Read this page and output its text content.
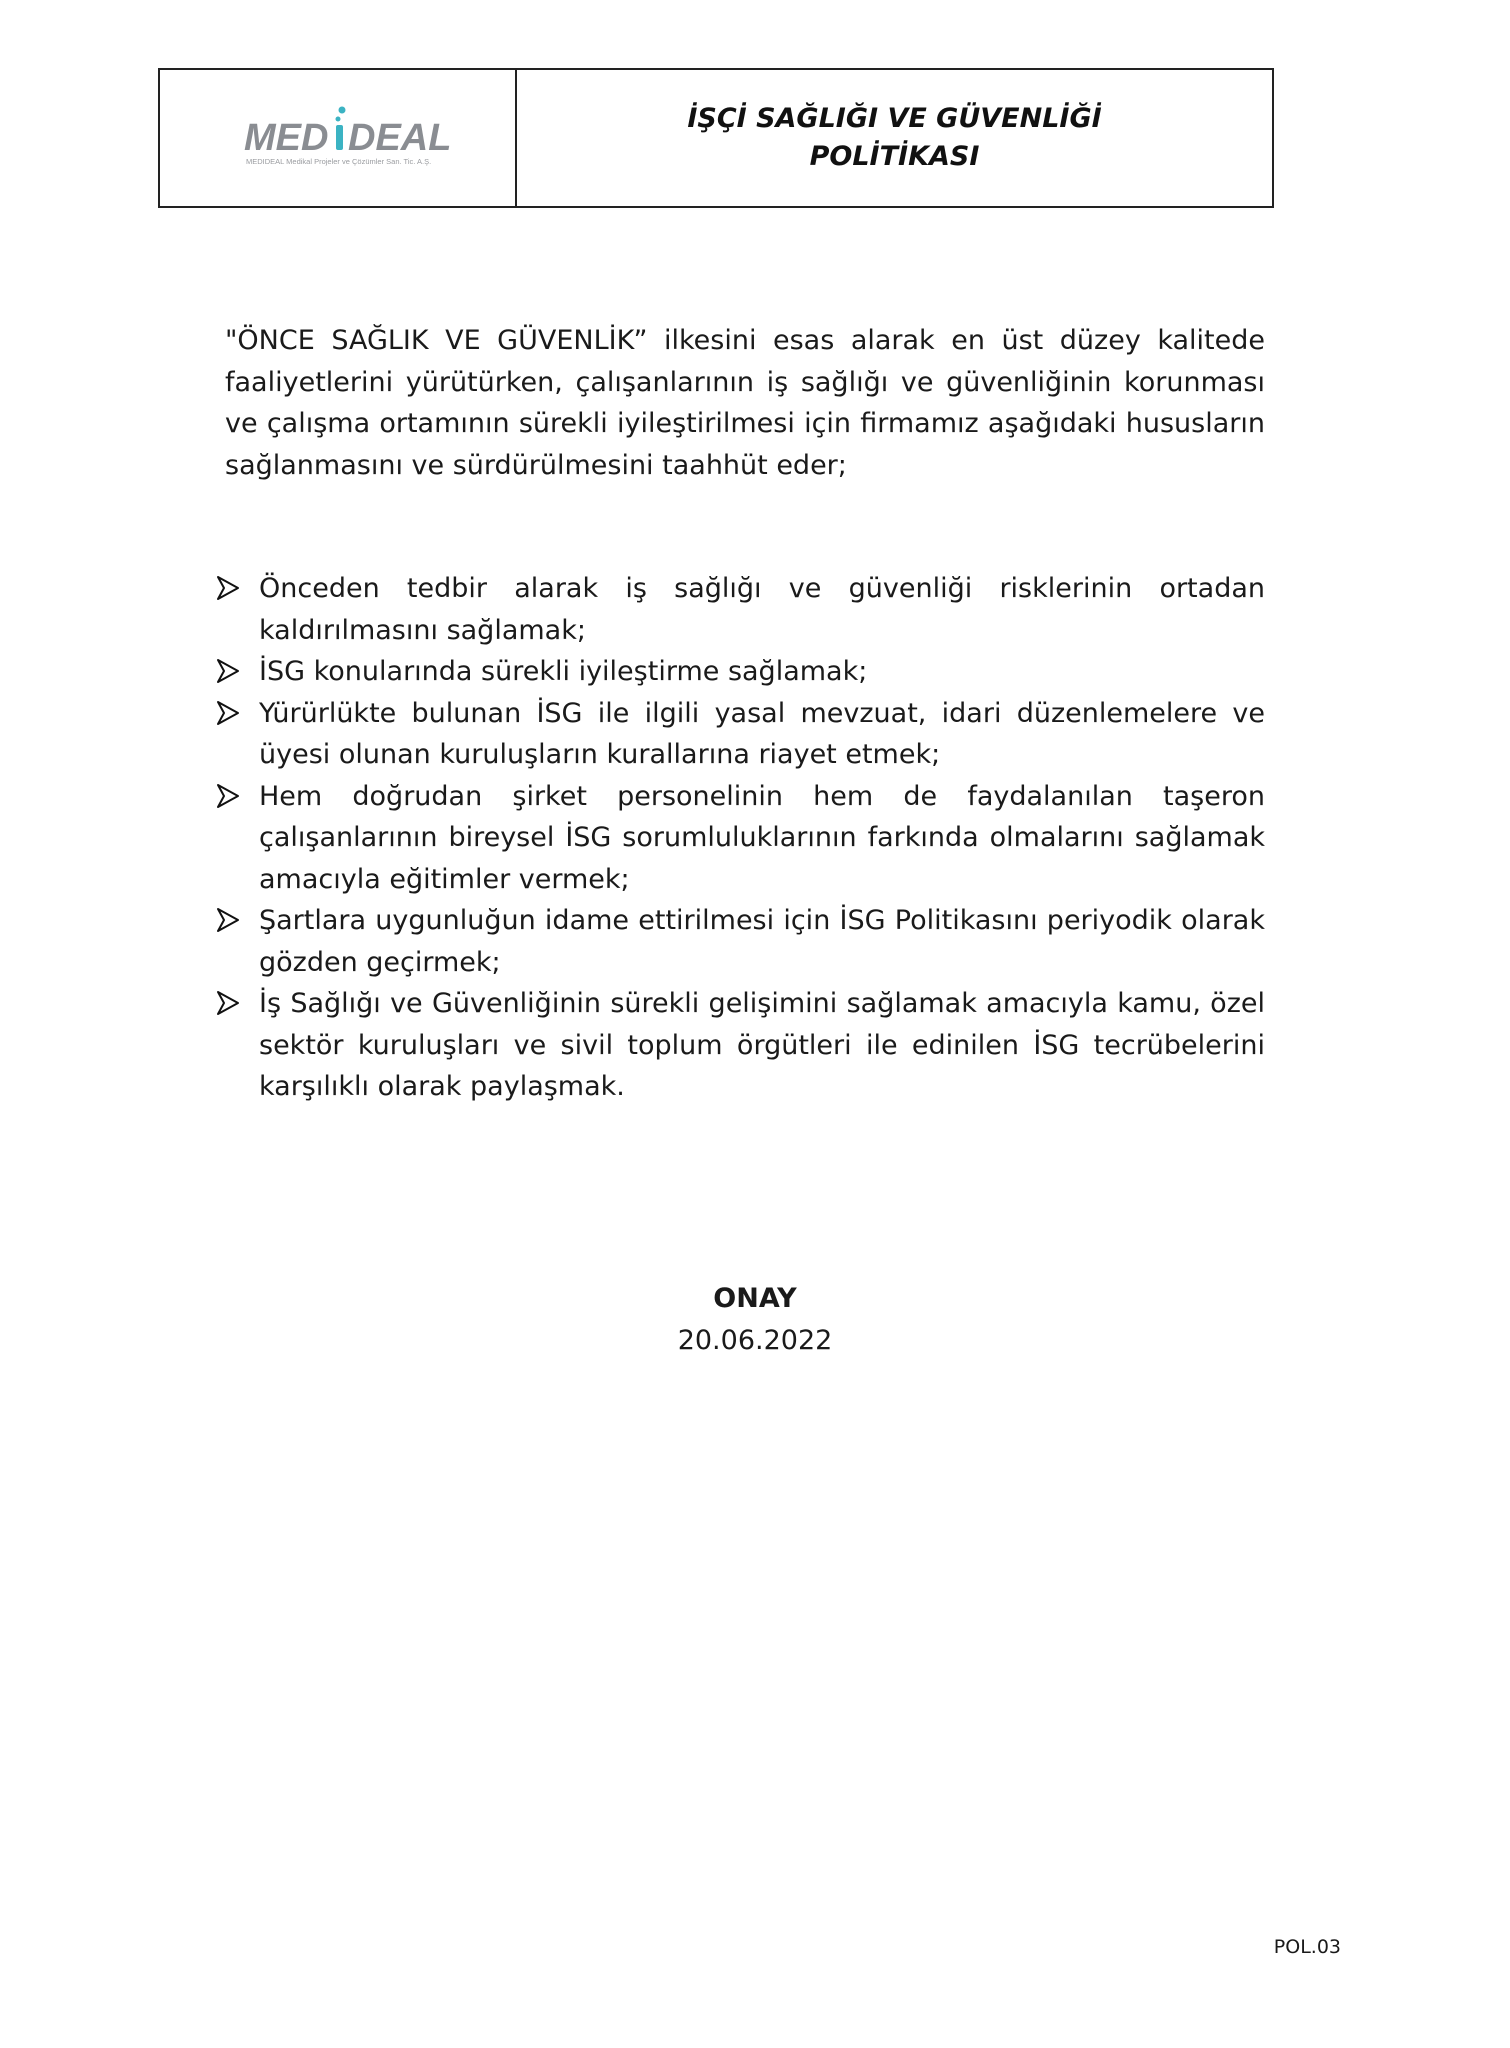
MED DEAL
MEDIDEAL Medikal Projeler ve Çözümler San. Tic. A.Ş.
İŞÇİ SAĞLIĞI VE GÜVENLİĞİ
POLİTİKASI
"ÖNCE SAĞLIK VE GÜVENLİK” ilkesini esas alarak en üst düzey kalitede faaliyetlerini yürütürken, çalışanlarının iş sağlığı ve güvenliğinin korunması ve çalışma ortamının sürekli iyileştirilmesi için firmamız aşağıdaki hususların sağlanmasını ve sürdürülmesini taahhüt eder;
Önceden tedbir alarak iş sağlığı ve güvenliği risklerinin ortadan kaldırılmasını sağlamak;
İSG konularında sürekli iyileştirme sağlamak;
Yürürlükte bulunan İSG ile ilgili yasal mevzuat, idari düzenlemelere ve üyesi olunan kuruluşların kurallarına riayet etmek;
Hem doğrudan şirket personelinin hem de faydalanılan taşeron çalışanlarının bireysel İSG sorumluluklarının farkında olmalarını sağlamak amacıyla eğitimler vermek;
Şartlara uygunluğun idame ettirilmesi için İSG Politikasını periyodik olarak gözden geçirmek;
İş Sağlığı ve Güvenliğinin sürekli gelişimini sağlamak amacıyla kamu, özel sektör kuruluşları ve sivil toplum örgütleri ile edinilen İSG tecrübelerini karşılıklı olarak paylaşmak.
ONAY
20.06.2022
POL.03
